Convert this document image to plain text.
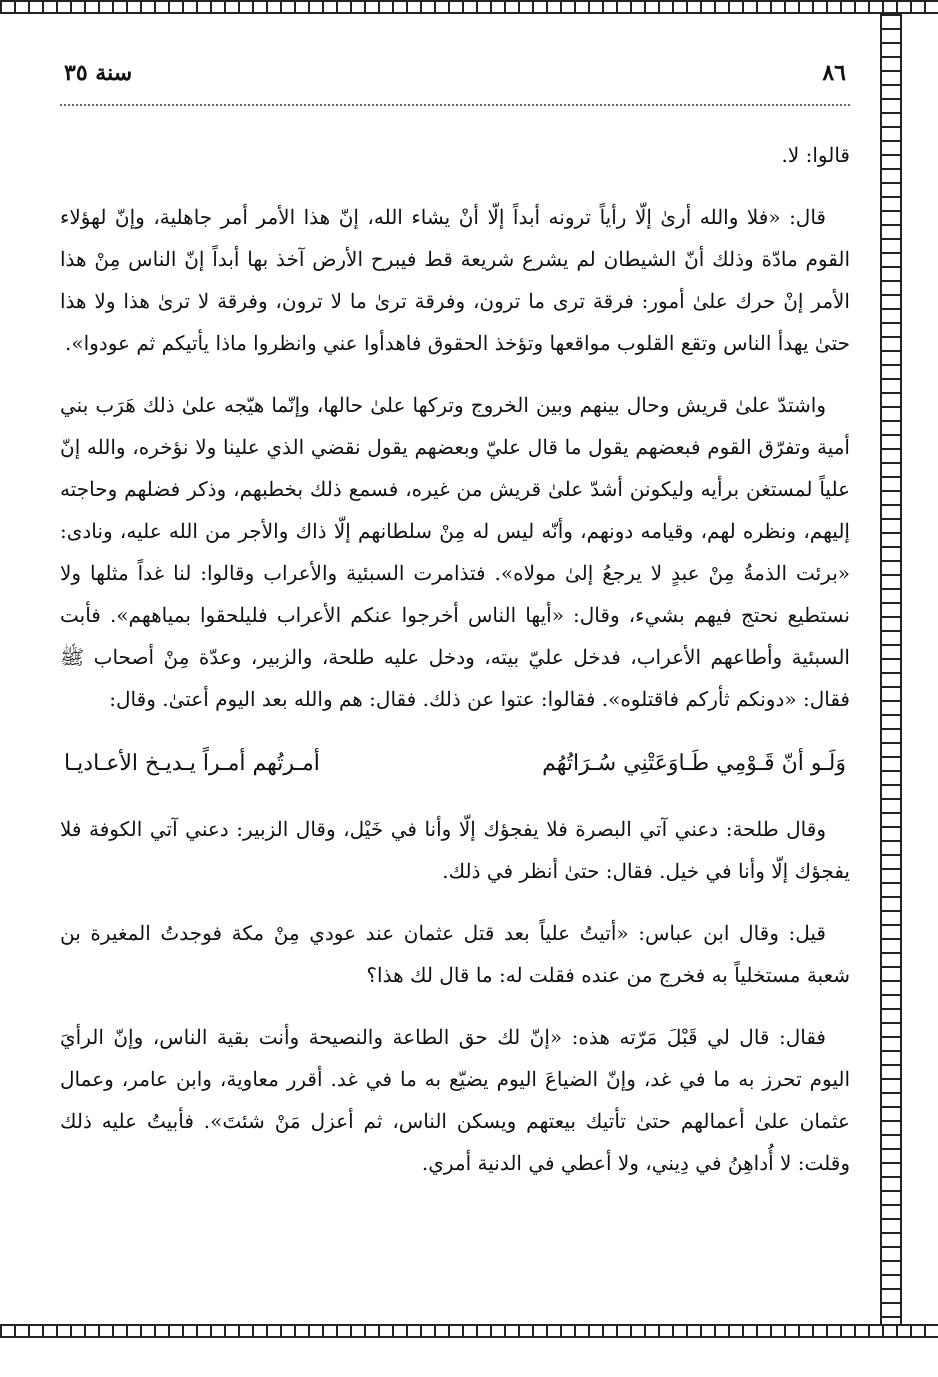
٨٦
سنة ٣٥

قالوا: لا.

قال: «فلا والله أرىٰ إلّا رأياً ترونه أبداً إلّا أنْ يشاء الله، إنّ هذا الأمر أمر جاهلية، وإنّ لهؤلاء القوم مادّة وذلك أنّ الشيطان لم يشرع شريعة قط فيبرح الأرض آخذ بها أبداً إنّ الناس مِنْ هذا الأمر إنْ حرك علىٰ أمور: فرقة ترى ما ترون، وفرقة ترىٰ ما لا ترون، وفرقة لا ترىٰ هذا ولا هذا حتىٰ يهدأ الناس وتقع القلوب مواقعها وتؤخذ الحقوق فاهدأوا عني وانظروا ماذا يأتيكم ثم عودوا».

واشتدّ علىٰ قريش وحال بينهم وبين الخروج وتركها علىٰ حالها، وإنّما هيّجه علىٰ ذلك هَرَب بني أمية وتفرّق القوم فبعضهم يقول ما قال عليّ وبعضهم يقول نقضي الذي علينا ولا نؤخره، والله إنّ علياً لمستغن برأيه وليكونن أشدّ علىٰ قريش من غيره، فسمع ذلك بخطبهم، وذكر فضلهم وحاجته إليهم، ونظره لهم، وقيامه دونهم، وأنّه ليس له مِنْ سلطانهم إلّا ذاك والأجر من الله عليه، ونادى: «برئت الذمةُ مِنْ عبدٍ لا يرجعُ إلىٰ مولاه». فتذامرت السبئية والأعراب وقالوا: لنا غداً مثلها ولا نستطيع نحتج فيهم بشيء، وقال: «أيها الناس أخرجوا عنكم الأعراب فليلحقوا بمياههم». فأبت السبئية وأطاعهم الأعراب، فدخل عليّ بيته، ودخل عليه طلحة، والزبير، وعدّة مِنْ أصحاب ﷺ فقال: «دونكم ثأركم فاقتلوه». فقالوا: عتوا عن ذلك. فقال: هم والله بعد اليوم أعتىٰ. وقال:

وَلَـو أنّ قَـوْمِي طَـاوَعَتْنِي سُـرَاتُهُم
أمـرتُهم أمـراً يـديـخ الأعـاديـا

وقال طلحة: دعني آتي البصرة فلا يفجؤك إلّا وأنا في خَيْل، وقال الزبير: دعني آتي الكوفة فلا يفجؤك إلّا وأنا في خيل. فقال: حتىٰ أنظر في ذلك.

قيل: وقال ابن عباس: «أتيتُ علياً بعد قتل عثمان عند عودي مِنْ مكة فوجدتُ المغيرة بن شعبة مستخلياً به فخرج من عنده فقلت له: ما قال لك هذا؟

فقال: قال لي قَبْلَ مَرّته هذه: «إنّ لك حق الطاعة والنصيحة وأنت بقية الناس، وإنّ الرأيَ اليوم تحرز به ما في غد، وإنّ الضياعَ اليوم يضيّع به ما في غد. أقرر معاوية، وابن عامر، وعمال عثمان علىٰ أعمالهم حتىٰ تأتيك بيعتهم ويسكن الناس، ثم أعزل مَنْ شئتَ». فأبيتُ عليه ذلك وقلت: لا أُداهِنُ في دِيني، ولا أعطي في الدنية أمري.
